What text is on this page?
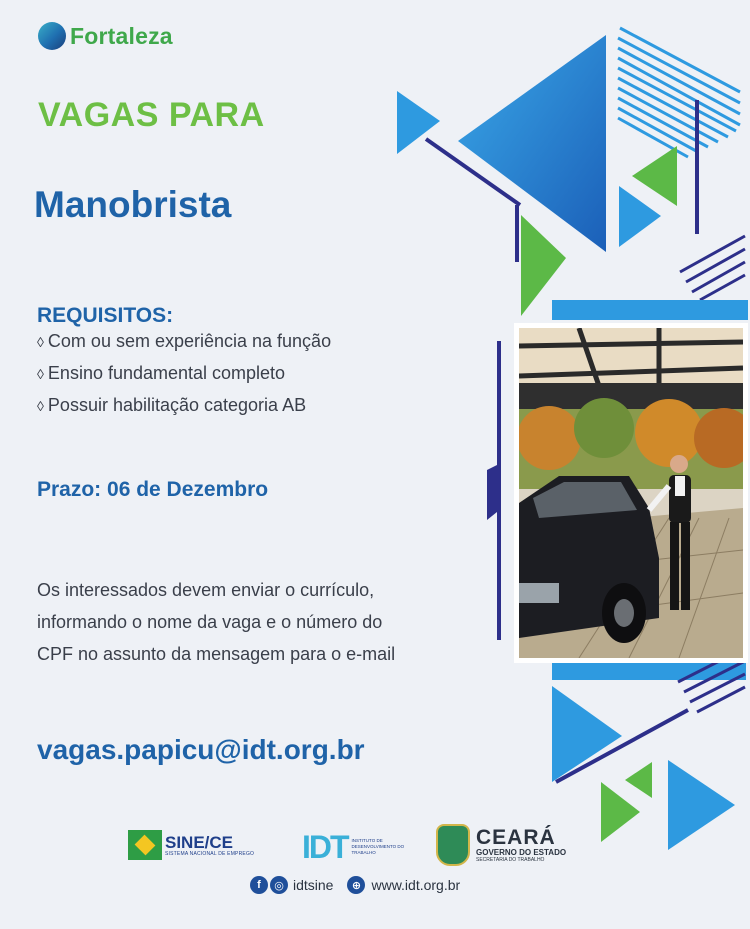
Fortaleza
VAGAS PARA
Manobrista
REQUISITOS:
◊ Com ou sem experiência na função
◊ Ensino fundamental completo
◊ Possuir habilitação categoria AB
Prazo: 06 de Dezembro
Os interessados devem enviar o currículo, informando o nome da vaga e o número do CPF no assunto da mensagem para o e-mail
vagas.papicu@idt.org.br
SINE/CE
SISTEMA NACIONAL DE EMPREGO IDT INSTITUTO DE DESENVOLVIMENTO DO TRABALHO
CEARÁ
GOVERNO DO ESTADO
SECRETARIA DO TRABALHO
f	◎ idtsine	⊕ www.idt.org.br
